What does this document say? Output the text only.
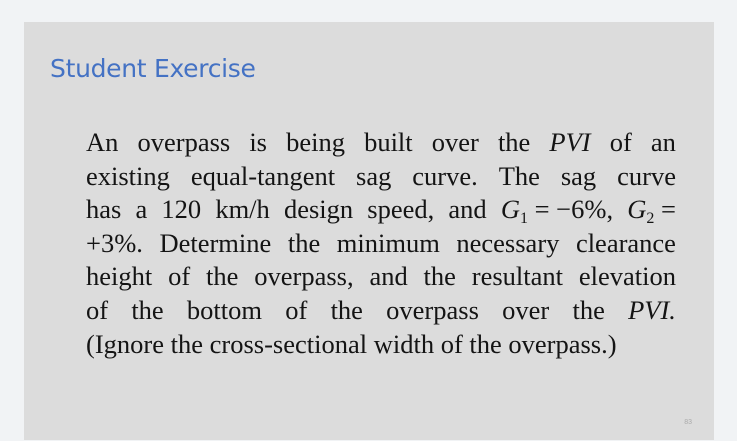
Student Exercise
An overpass is being built over the PVI of an
existing equal-tangent sag curve. The sag curve
has a 120 km/h design speed, and $G_1 = -6\%$, $G_2$ =
+3%. Determine the minimum necessary clearance
height of the overpass, and the resultant elevation
of the bottom of the overpass over the PVI.
(Ignore the cross-sectional width of the overpass.)
83
